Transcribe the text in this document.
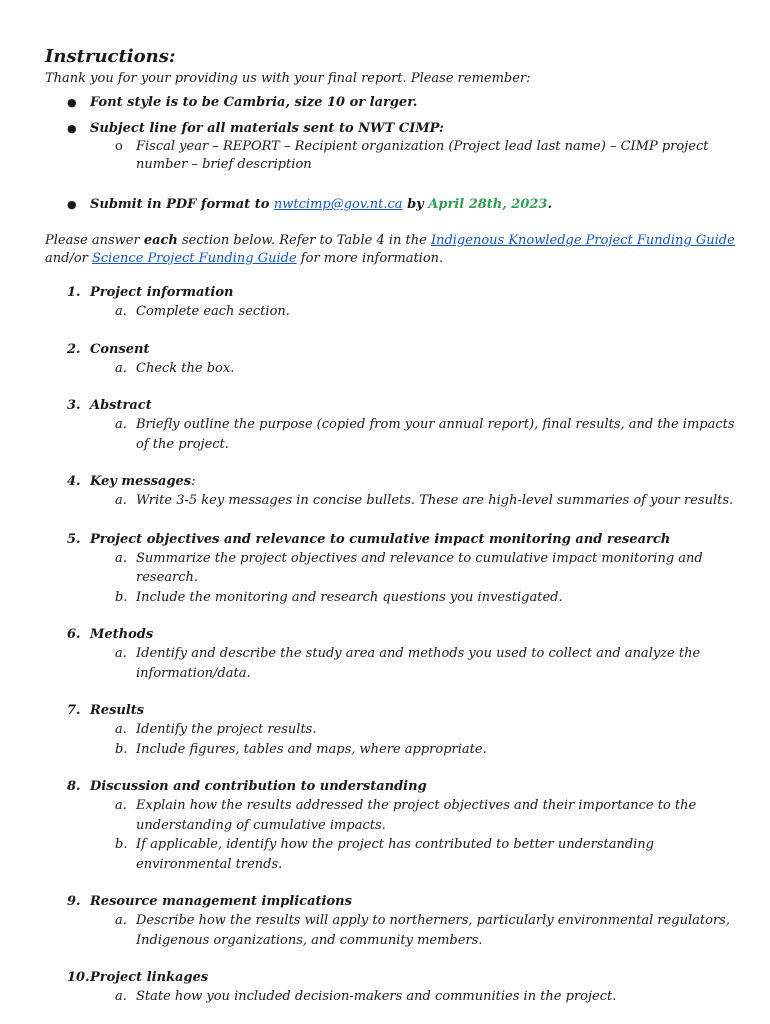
Instructions:
Thank you for your providing us with your final report. Please remember:
● Font style is to be Cambria, size 10 or larger.
● Subject line for all materials sent to NWT CIMP:
o Fiscal year – REPORT – Recipient organization (Project lead last name) – CIMP project number – brief description
● Submit in PDF format to nwtcimp@gov.nt.ca by April 28th, 2023.
Please answer each section below. Refer to Table 4 in the Indigenous Knowledge Project Funding Guide and/or Science Project Funding Guide for more information.
1. Project information
a. Complete each section.
2. Consent
a. Check the box.
3. Abstract
a. Briefly outline the purpose (copied from your annual report), final results, and the impacts of the project.
4. Key messages:
a. Write 3-5 key messages in concise bullets. These are high-level summaries of your results.
5. Project objectives and relevance to cumulative impact monitoring and research
a. Summarize the project objectives and relevance to cumulative impact monitoring and research.
b. Include the monitoring and research questions you investigated.
6. Methods
a. Identify and describe the study area and methods you used to collect and analyze the information/data.
7. Results
a. Identify the project results.
b. Include figures, tables and maps, where appropriate.
8. Discussion and contribution to understanding
a. Explain how the results addressed the project objectives and their importance to the understanding of cumulative impacts.
b. If applicable, identify how the project has contributed to better understanding environmental trends.
9. Resource management implications
a. Describe how the results will apply to northerners, particularly environmental regulators, Indigenous organizations, and community members.
10. Project linkages
a. State how you included decision-makers and communities in the project.
